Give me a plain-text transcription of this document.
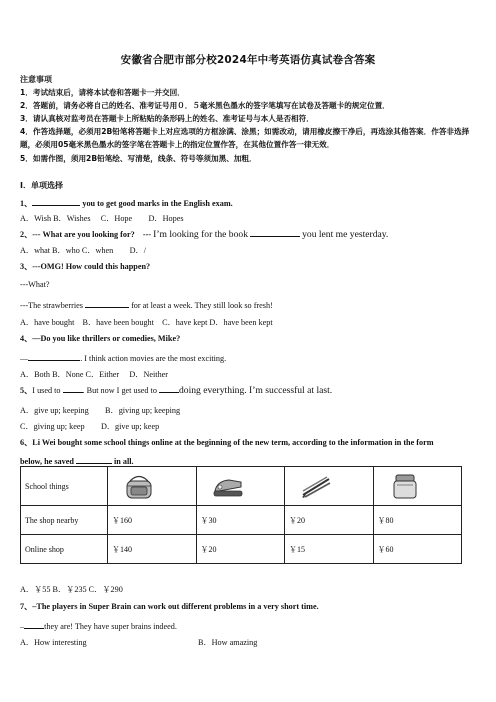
安徽省合肥市部分校2024年中考英语仿真试卷含答案
注意事项
1．考试结束后，请将本试卷和答题卡一并交回．
2．答题前，请务必将自己的姓名、准考证号用０．５毫米黑色墨水的签字笔填写在试卷及答题卡的规定位置．
3．请认真核对监考员在答题卡上所粘贴的条形码上的姓名、准考证号与本人是否相符．
4．作答选择题，必须用2B铅笔将答题卡上对应选项的方框涂满、涂黑；如需改动，请用橡皮擦干净后，再选涂其他答案．作答非选择题，必须用05毫米黑色墨水的签字笔在答题卡上的指定位置作答，在其他位置作答一律无效．
5．如需作图，须用2B铅笔绘、写清楚，线条、符号等须加黑、加粗．
Ⅰ．单项选择
1、	you to get good marks in the English exam.
A．Wish B．Wishes　 C．Hope　　D．Hopes
2、--- What are you looking for?　--- I’m looking for the book	you lent me yesterday.
A．what B．who C．when　　D．/
3、---OMG! How could this happen?
---What?
---The strawberries	for at least a week. They still look so fresh!
A．have bought　B．have been bought　C．have kept D．have been kept
4、—Do you like thrillers or comedies, Mike?
—	. I think action movies are the most exciting.
A．Both B．None C．Either　 D．Neither
5、I used to	. But now I get used to doing everything. I’m successful at last.
A．give up; keeping　　B．giving up; keeping
C．giving up; keep　　D．give up; keep
6、Li Wei bought some school things online at the beginning of the new term, according to the information in the form
below, he saved	in all.
School things	

The shop nearby	￥160	￥30	￥20	￥80
Online shop	￥140	￥20	￥15	￥60
A．￥55 B．￥235 C．￥290
7、–The players in Super Brain can work out different problems in a very short time.
– they are! They have super brains indeed.
A．How interesting	B．How amazing
